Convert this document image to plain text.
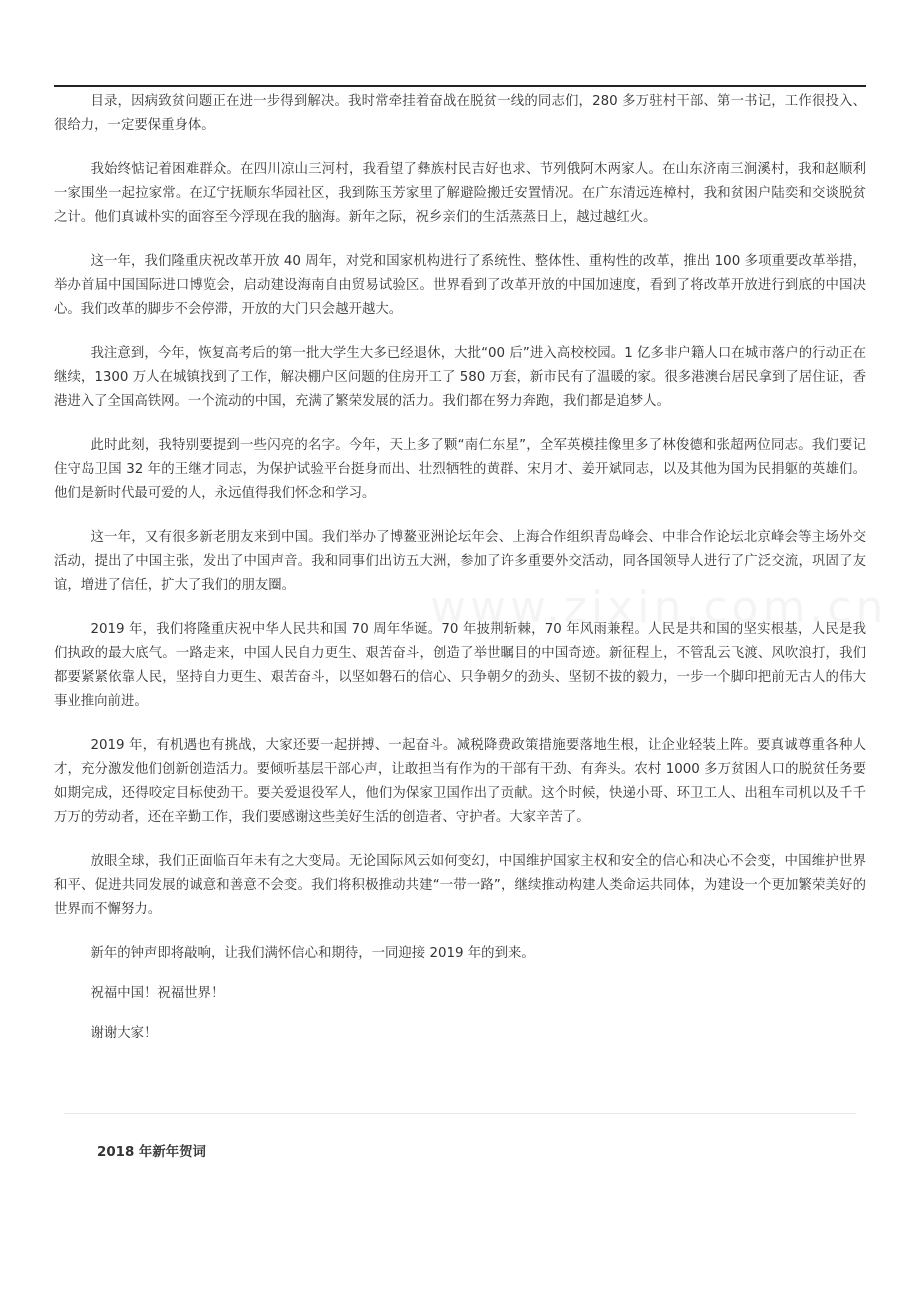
目录，因病致贫问题正在进一步得到解决。我时常牵挂着奋战在脱贫一线的同志们，280 多万驻村干部、第一书记，工作很投入、很给力，一定要保重身体。

我始终惦记着困难群众。在四川凉山三河村，我看望了彝族村民吉好也求、节列俄阿木两家人。在山东济南三涧溪村，我和赵顺利一家围坐一起拉家常。在辽宁抚顺东华园社区，我到陈玉芳家里了解避险搬迁安置情况。在广东清远连樟村，我和贫困户陆奕和交谈脱贫之计。他们真诚朴实的面容至今浮现在我的脑海。新年之际，祝乡亲们的生活蒸蒸日上，越过越红火。

这一年，我们隆重庆祝改革开放 40 周年，对党和国家机构进行了系统性、整体性、重构性的改革，推出 100 多项重要改革举措，举办首届中国国际进口博览会，启动建设海南自由贸易试验区。世界看到了改革开放的中国加速度，看到了将改革开放进行到底的中国决心。我们改革的脚步不会停滞，开放的大门只会越开越大。

我注意到，今年，恢复高考后的第一批大学生大多已经退休，大批“00 后”进入高校校园。1 亿多非户籍人口在城市落户的行动正在继续，1300 万人在城镇找到了工作，解决棚户区问题的住房开工了 580 万套，新市民有了温暖的家。很多港澳台居民拿到了居住证，香港进入了全国高铁网。一个流动的中国，充满了繁荣发展的活力。我们都在努力奔跑，我们都是追梦人。

此时此刻，我特别要提到一些闪亮的名字。今年，天上多了颗“南仁东星”，全军英模挂像里多了林俊德和张超两位同志。我们要记住守岛卫国 32 年的王继才同志，为保护试验平台挺身而出、壮烈牺牲的黄群、宋月才、姜开斌同志，以及其他为国为民捐躯的英雄们。他们是新时代最可爱的人，永远值得我们怀念和学习。

这一年，又有很多新老朋友来到中国。我们举办了博鳌亚洲论坛年会、上海合作组织青岛峰会、中非合作论坛北京峰会等主场外交活动，提出了中国主张，发出了中国声音。我和同事们出访五大洲，参加了许多重要外交活动，同各国领导人进行了广泛交流，巩固了友谊，增进了信任，扩大了我们的朋友圈。

2019 年，我们将隆重庆祝中华人民共和国 70 周年华诞。70 年披荆斩棘，70 年风雨兼程。人民是共和国的坚实根基，人民是我们执政的最大底气。一路走来，中国人民自力更生、艰苦奋斗，创造了举世瞩目的中国奇迹。新征程上，不管乱云飞渡、风吹浪打，我们都要紧紧依靠人民，坚持自力更生、艰苦奋斗，以坚如磐石的信心、只争朝夕的劲头、坚韧不拔的毅力，一步一个脚印把前无古人的伟大事业推向前进。

2019 年，有机遇也有挑战，大家还要一起拼搏、一起奋斗。减税降费政策措施要落地生根，让企业轻装上阵。要真诚尊重各种人才，充分激发他们创新创造活力。要倾听基层干部心声，让敢担当有作为的干部有干劲、有奔头。农村 1000 多万贫困人口的脱贫任务要如期完成，还得咬定目标使劲干。要关爱退役军人，他们为保家卫国作出了贡献。这个时候，快递小哥、环卫工人、出租车司机以及千千万万的劳动者，还在辛勤工作，我们要感谢这些美好生活的创造者、守护者。大家辛苦了。

放眼全球，我们正面临百年未有之大变局。无论国际风云如何变幻，中国维护国家主权和安全的信心和决心不会变，中国维护世界和平、促进共同发展的诚意和善意不会变。我们将积极推动共建“一带一路”，继续推动构建人类命运共同体，为建设一个更加繁荣美好的世界而不懈努力。

新年的钟声即将敲响，让我们满怀信心和期待，一同迎接 2019 年的到来。

祝福中国！祝福世界！

谢谢大家！

2018 年新年贺词
